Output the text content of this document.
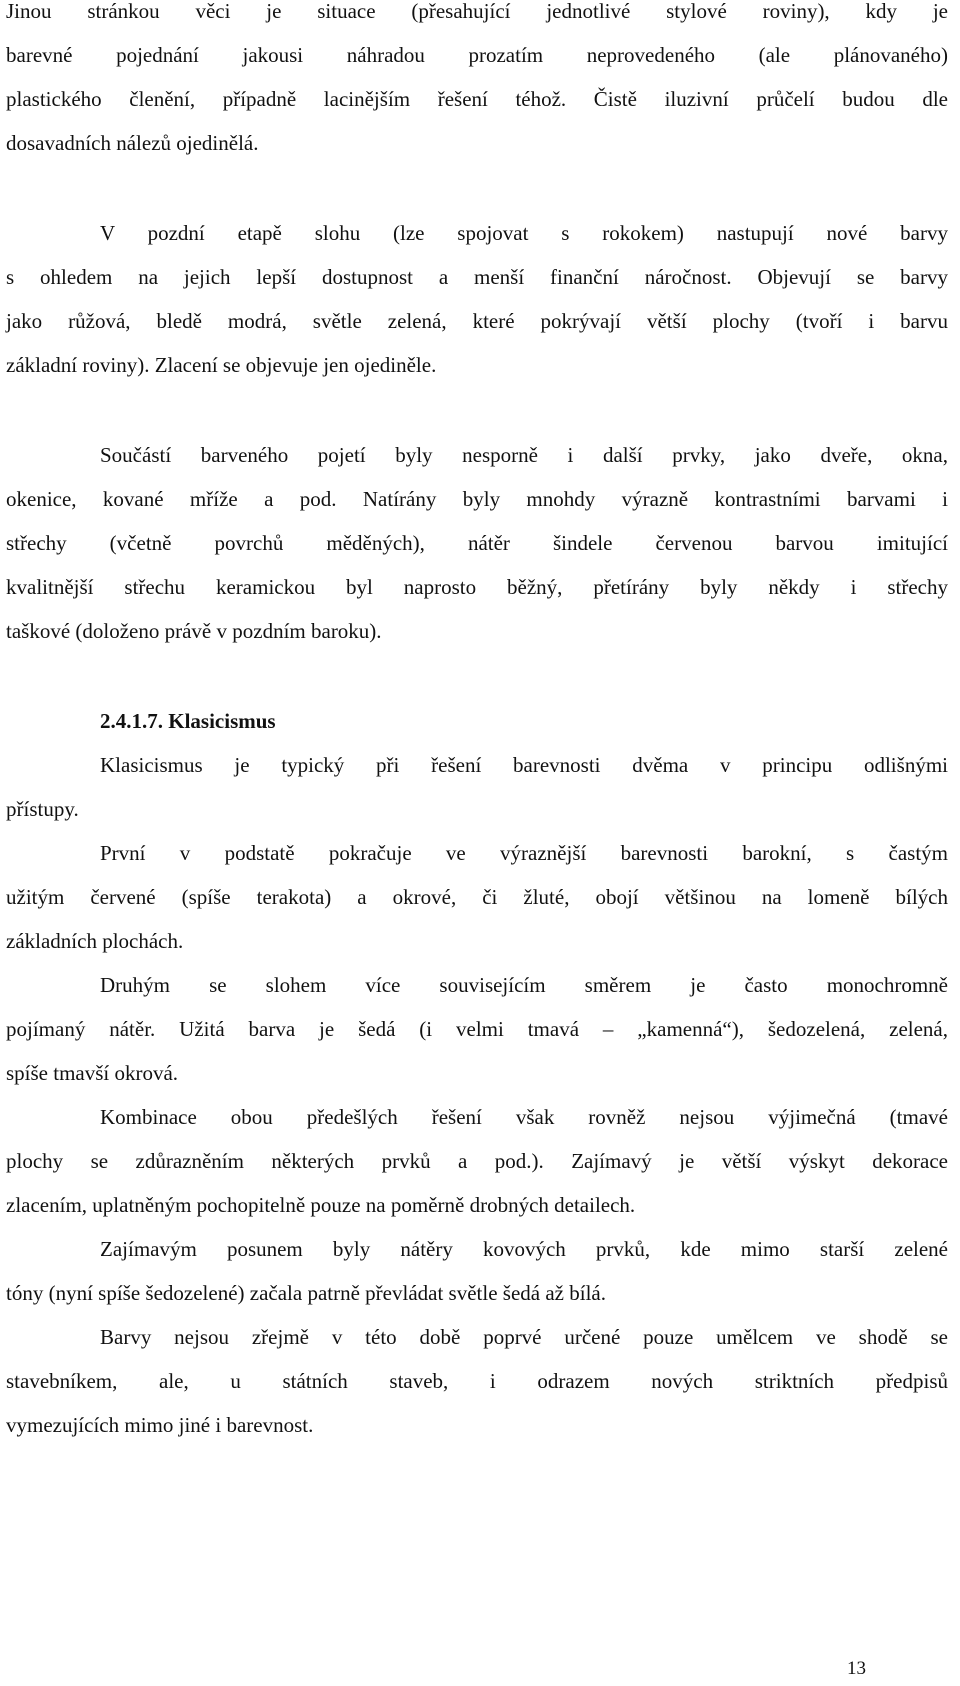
Jinou stránkou věci je situace (přesahující jednotlivé stylové roviny), kdy je
barevné pojednání jakousi náhradou prozatím neprovedeného (ale plánovaného)
plastického členění, případně lacinějším řešení téhož. Čistě iluzivní průčelí budou dle
dosavadních nálezů ojedinělá.
V pozdní etapě slohu (lze spojovat s rokokem) nastupují nové barvy
s ohledem na jejich lepší dostupnost a menší finanční náročnost. Objevují se barvy
jako růžová, bledě modrá, světle zelená, které pokrývají větší plochy (tvoří i barvu
základní roviny). Zlacení se objevuje jen ojediněle.
Součástí barveného pojetí byly nesporně i další prvky, jako dveře, okna,
okenice, kované mříže a pod. Natírány byly mnohdy výrazně kontrastními barvami i
střechy (včetně povrchů měděných), nátěr šindele červenou barvou imitující
kvalitnější střechu keramickou byl naprosto běžný, přetírány byly někdy i střechy
taškové (doloženo právě v pozdním baroku).
2.4.1.7. Klasicismus
Klasicismus je typický při řešení barevnosti dvěma v principu odlišnými
přístupy.
První v podstatě pokračuje ve výraznější barevnosti barokní, s častým
užitým červené (spíše terakota) a okrové, či žluté, obojí většinou na lomeně bílých
základních plochách.
Druhým se slohem více souvisejícím směrem je často monochromně
pojímaný nátěr. Užitá barva je šedá (i velmi tmavá – „kamenná“), šedozelená, zelená,
spíše tmavší okrová.
Kombinace obou předešlých řešení však rovněž nejsou výjimečná (tmavé
plochy se zdůrazněním některých prvků a pod.). Zajímavý je větší výskyt dekorace
zlacením, uplatněným pochopitelně pouze na poměrně drobných detailech.
Zajímavým posunem byly nátěry kovových prvků, kde mimo starší zelené
tóny (nyní spíše šedozelené) začala patrně převládat světle šedá až bílá.
Barvy nejsou zřejmě v této době poprvé určené pouze umělcem ve shodě se
stavebníkem, ale, u státních staveb, i odrazem nových striktních předpisů
vymezujících mimo jiné i barevnost.
13
